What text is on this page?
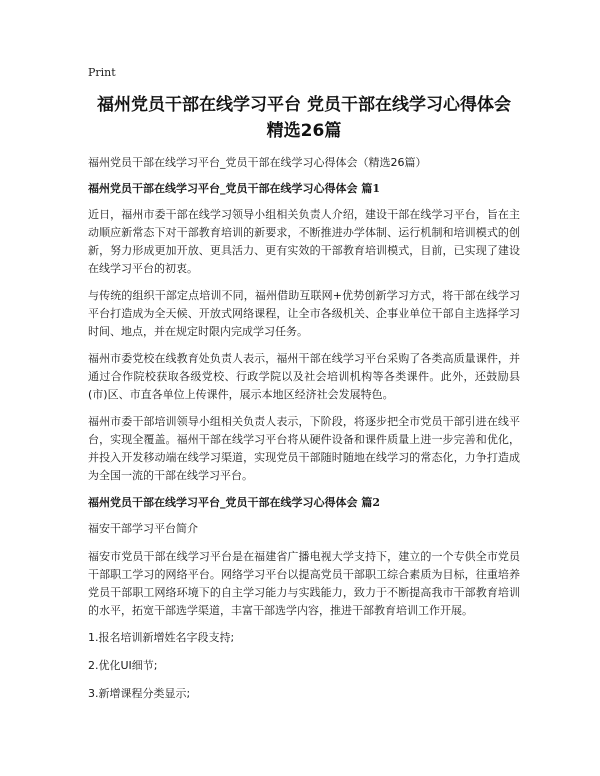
Print
福州党员干部在线学习平台 党员干部在线学习心得体会 精选26篇

福州党员干部在线学习平台_党员干部在线学习心得体会（精选26篇）

福州党员干部在线学习平台_党员干部在线学习心得体会 篇1

近日，福州市委干部在线学习领导小组相关负责人介绍，建设干部在线学习平台，旨在主动顺应新常态下对干部教育培训的新要求，不断推进办学体制、运行机制和培训模式的创新，努力形成更加开放、更具活力、更有实效的干部教育培训模式，目前，已实现了建设在线学习平台的初衷。

与传统的组织干部定点培训不同，福州借助互联网+优势创新学习方式，将干部在线学习平台打造成为全天候、开放式网络课程，让全市各级机关、企事业单位干部自主选择学习时间、地点，并在规定时限内完成学习任务。

福州市委党校在线教育处负责人表示，福州干部在线学习平台采购了各类高质量课件，并通过合作院校获取各级党校、行政学院以及社会培训机构等各类课件。此外，还鼓励县(市)区、市直各单位上传课件，展示本地区经济社会发展特色。

福州市委干部培训领导小组相关负责人表示，下阶段，将逐步把全市党员干部引进在线平台，实现全覆盖。福州干部在线学习平台将从硬件设备和课件质量上进一步完善和优化，并投入开发移动端在线学习渠道，实现党员干部随时随地在线学习的常态化，力争打造成为全国一流的干部在线学习平台。

福州党员干部在线学习平台_党员干部在线学习心得体会 篇2

福安干部学习平台简介

福安市党员干部在线学习平台是在福建省广播电视大学支持下，建立的一个专供全市党员干部职工学习的网络平台。网络学习平台以提高党员干部职工综合素质为目标，往重培养党员干部职工网络环境下的自主学习能力与实践能力，致力于不断提高我市干部教育培训的水平，拓宽干部选学渠道，丰富干部选学内容，推进干部教育培训工作开展。

1.报名培训新增姓名字段支持;

2.优化UI细节;

3.新增课程分类显示;
